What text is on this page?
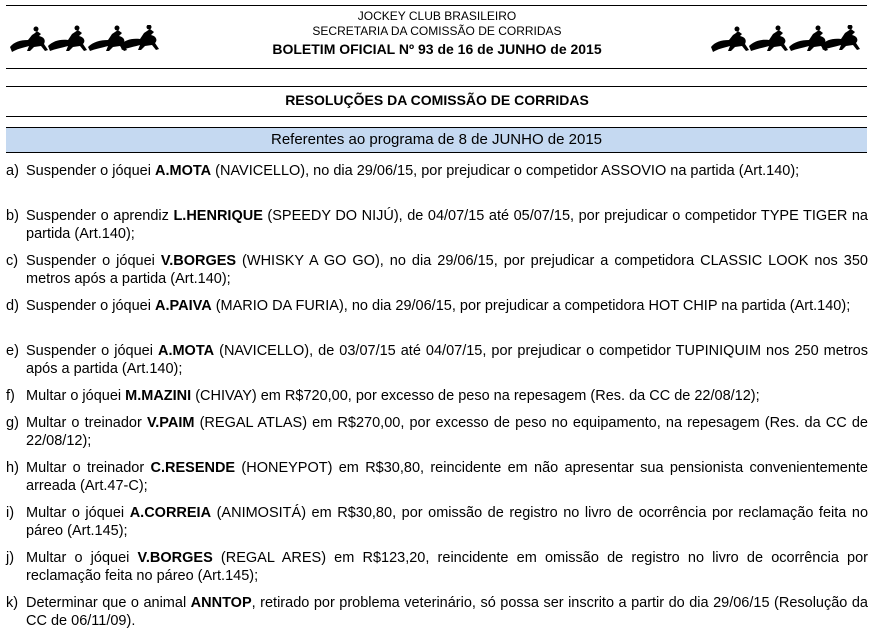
JOCKEY CLUB BRASILEIRO
SECRETARIA DA COMISSÃO DE CORRIDAS
BOLETIM OFICIAL Nº 93 de 16 de JUNHO de 2015
RESOLUÇÕES DA COMISSÃO DE CORRIDAS
Referentes ao programa de 8 de JUNHO de 2015
a) Suspender o jóquei A.MOTA (NAVICELLO), no dia 29/06/15, por prejudicar o competidor ASSOVIO na partida (Art.140);
b) Suspender o aprendiz L.HENRIQUE (SPEEDY DO NIJÚ), de 04/07/15 até 05/07/15, por prejudicar o competidor TYPE TIGER na partida (Art.140);
c) Suspender o jóquei V.BORGES (WHISKY A GO GO), no dia 29/06/15, por prejudicar a competidora CLASSIC LOOK nos 350 metros após a partida (Art.140);
d) Suspender o jóquei A.PAIVA (MARIO DA FURIA), no dia 29/06/15, por prejudicar a competidora HOT CHIP na partida (Art.140);
e) Suspender o jóquei A.MOTA (NAVICELLO), de 03/07/15 até 04/07/15, por prejudicar o competidor TUPINIQUIM nos 250 metros após a partida (Art.140);
f) Multar o jóquei M.MAZINI (CHIVAY) em R$720,00, por excesso de peso na repesagem (Res. da CC de 22/08/12);
g) Multar o treinador V.PAIM (REGAL ATLAS) em R$270,00, por excesso de peso no equipamento, na repesagem (Res. da CC de 22/08/12);
h) Multar o treinador C.RESENDE (HONEYPOT) em R$30,80, reincidente em não apresentar sua pensionista convenientemente arreada (Art.47-C);
i) Multar o jóquei A.CORREIA (ANIMOSITÁ) em R$30,80, por omissão de registro no livro de ocorrência por reclamação feita no páreo (Art.145);
j) Multar o jóquei V.BORGES (REGAL ARES) em R$123,20, reincidente em omissão de registro no livro de ocorrência por reclamação feita no páreo (Art.145);
k) Determinar que o animal ANNTOP, retirado por problema veterinário, só possa ser inscrito a partir do dia 29/06/15 (Resolução da CC de 06/11/09).
